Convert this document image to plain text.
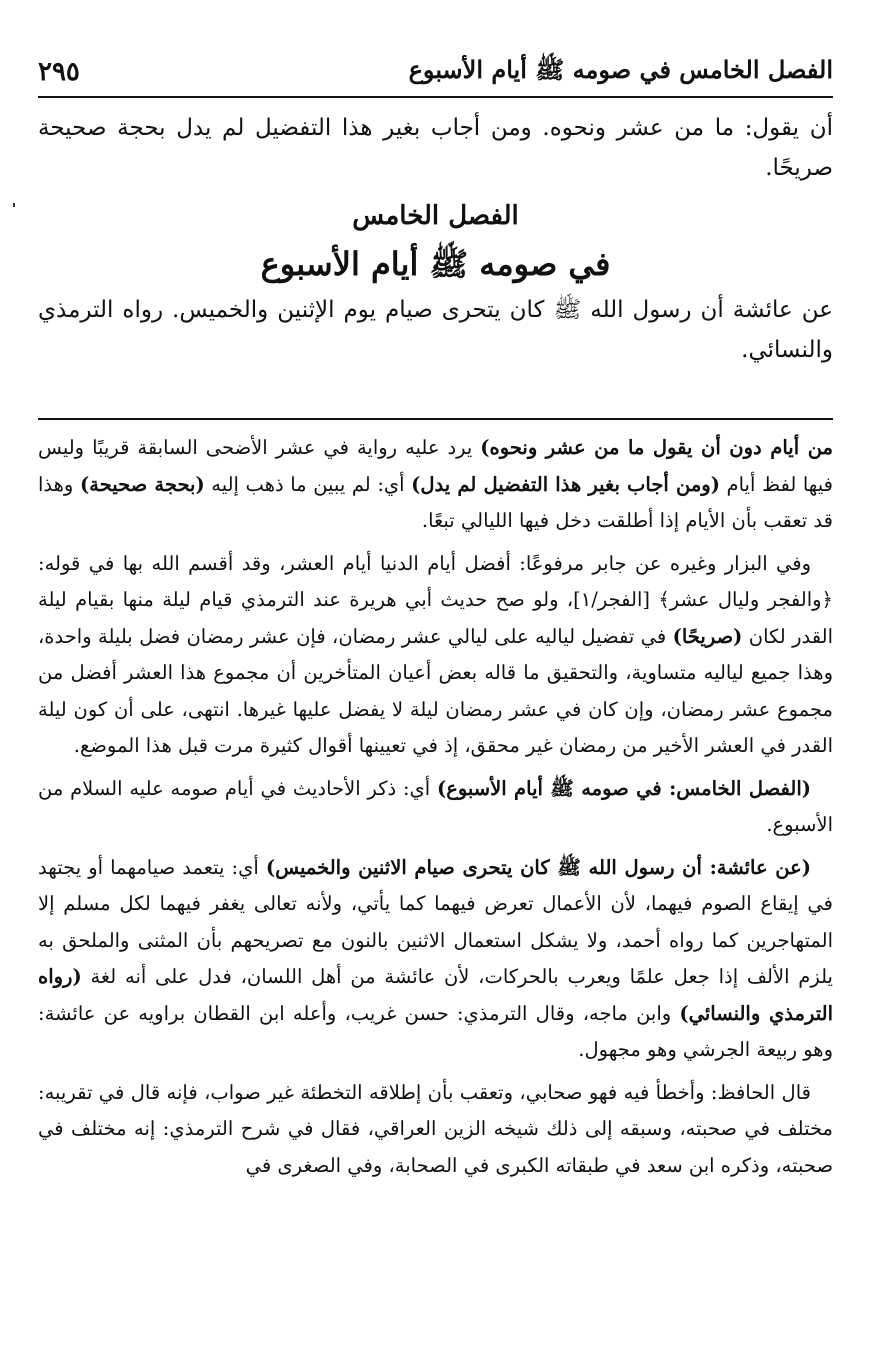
٢٩٥	الفصل الخامس في صومه ﷺ أيام الأسبوع

أن يقول: ما من عشر ونحوه. ومن أجاب بغير هذا التفضيل لم يدل بحجة صحيحة صريحًا.

الفصل الخامس
في صومه ﷺ أيام الأسبوع

عن عائشة أن رسول الله ﷺ كان يتحرى صيام يوم الإثنين والخميس. رواه الترمذي والنسائي.

من أيام دون أن يقول ما من عشر ونحوه) يرد عليه رواية في عشر الأضحى السابقة قريبًا وليس فيها لفظ أيام (ومن أجاب بغير هذا التفضيل لم يدل) أي: لم يبين ما ذهب إليه (بحجة صحيحة) وهذا قد تعقب بأن الأيام إذا أطلقت دخل فيها الليالي تبعًا.

وفي البزار وغيره عن جابر مرفوعًا: أفضل أيام الدنيا أيام العشر، وقد أقسم الله بها في قوله: ﴿والفجر وليال عشر﴾ [الفجر/١]، ولو صح حديث أبي هريرة عند الترمذي قيام ليلة منها بقيام ليلة القدر لكان (صريحًا) في تفضيل لياليه على ليالي عشر رمضان، فإن عشر رمضان فضل بليلة واحدة، وهذا جميع لياليه متساوية، والتحقيق ما قاله بعض أعيان المتأخرين أن مجموع هذا العشر أفضل من مجموع عشر رمضان، وإن كان في عشر رمضان ليلة لا يفضل عليها غيرها. انتهى، على أن كون ليلة القدر في العشر الأخير من رمضان غير محقق، إذ في تعيينها أقوال كثيرة مرت قبل هذا الموضع.

(الفصل الخامس: في صومه ﷺ أيام الأسبوع) أي: ذكر الأحاديث في أيام صومه عليه السلام من الأسبوع.

(عن عائشة: أن رسول الله ﷺ كان يتحرى صيام الاثنين والخميس) أي: يتعمد صيامهما أو يجتهد في إيقاع الصوم فيهما، لأن الأعمال تعرض فيهما كما يأتي، ولأنه تعالى يغفر فيهما لكل مسلم إلا المتهاجرين كما رواه أحمد، ولا يشكل استعمال الاثنين بالنون مع تصريحهم بأن المثنى والملحق به يلزم الألف إذا جعل علمًا ويعرب بالحركات، لأن عائشة من أهل اللسان، فدل على أنه لغة (رواه الترمذي والنسائي) وابن ماجه، وقال الترمذي: حسن غريب، وأعله ابن القطان براويه عن عائشة: وهو ربيعة الجرشي وهو مجهول.

قال الحافظ: وأخطأ فيه فهو صحابي، وتعقب بأن إطلاقه التخطئة غير صواب، فإنه قال في تقريبه: مختلف في صحبته، وسبقه إلى ذلك شيخه الزين العراقي، فقال في شرح الترمذي: إنه مختلف في صحبته، وذكره ابن سعد في طبقاته الكبرى في الصحابة، وفي الصغرى في
